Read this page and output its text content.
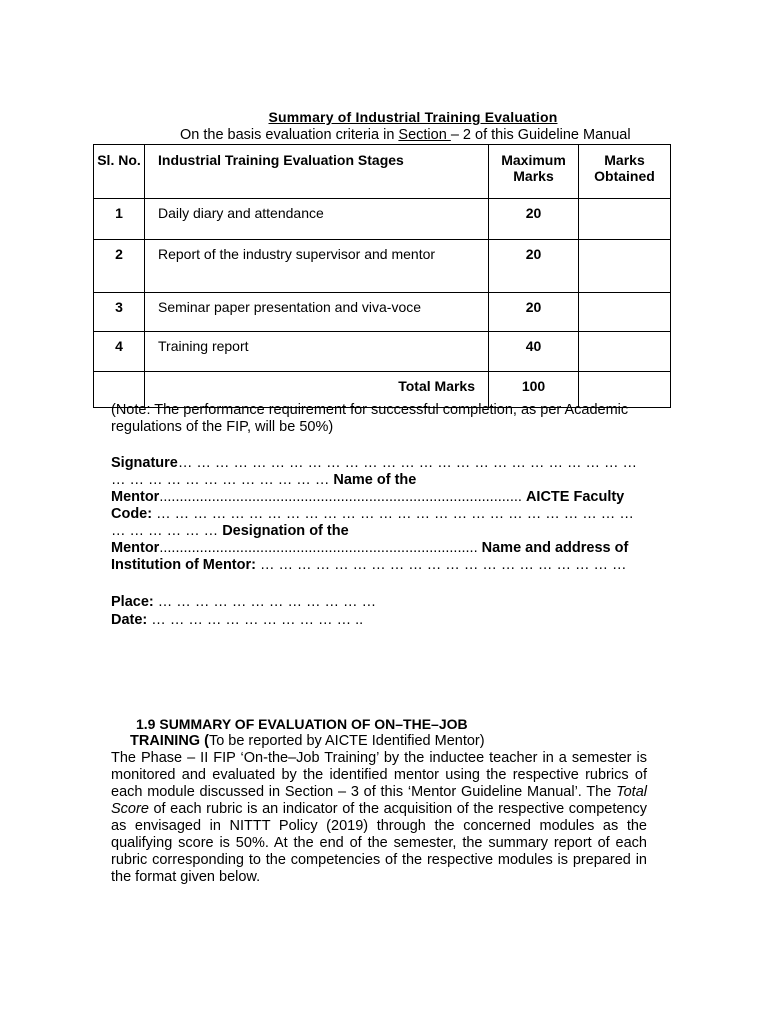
Summary of Industrial Training Evaluation
On the basis evaluation criteria in Section – 2 of this Guideline Manual
Sl. No.	Industrial Training Evaluation Stages	Maximum Marks	Marks Obtained
1	Daily diary and attendance	20	
2	Report of the industry supervisor and mentor	20	
3	Seminar paper presentation and viva-voce	20	
4	Training report	40	
	Total Marks	100	
(Note: The performance requirement for successful completion, as per Academic regulations of the FIP, will be 50%)
Signature… … … … … … … … … … … … … … … … … … … … … … … … … … … … … … … … … … … … … Name of the Mentor.......................................................................................... AICTE Faculty Code: … … … … … … … … … … … … … … … … … … … … … … … … … … … … … … … … Designation of the Mentor............................................................................... Name and address of Institution of Mentor: … … … … … … … … … … … … … … … … … … … …
Place: … … … … … … … … … … … …
Date: … … … … … … … … … … … ..
1.9 SUMMARY OF EVALUATION OF ON–THE–JOB
TRAINING (To be reported by AICTE Identified Mentor)
The Phase – II FIP ‘On-the–Job Training’ by the inductee teacher in a semester is monitored and evaluated by the identified mentor using the respective rubrics of each module discussed in Section – 3 of this ‘Mentor Guideline Manual’. The Total Score of each rubric is an indicator of the acquisition of the respective competency as envisaged in NITTT Policy (2019) through the concerned modules as the qualifying score is 50%. At the end of the semester, the summary report of each rubric corresponding to the competencies of the respective modules is prepared in the format given below.
